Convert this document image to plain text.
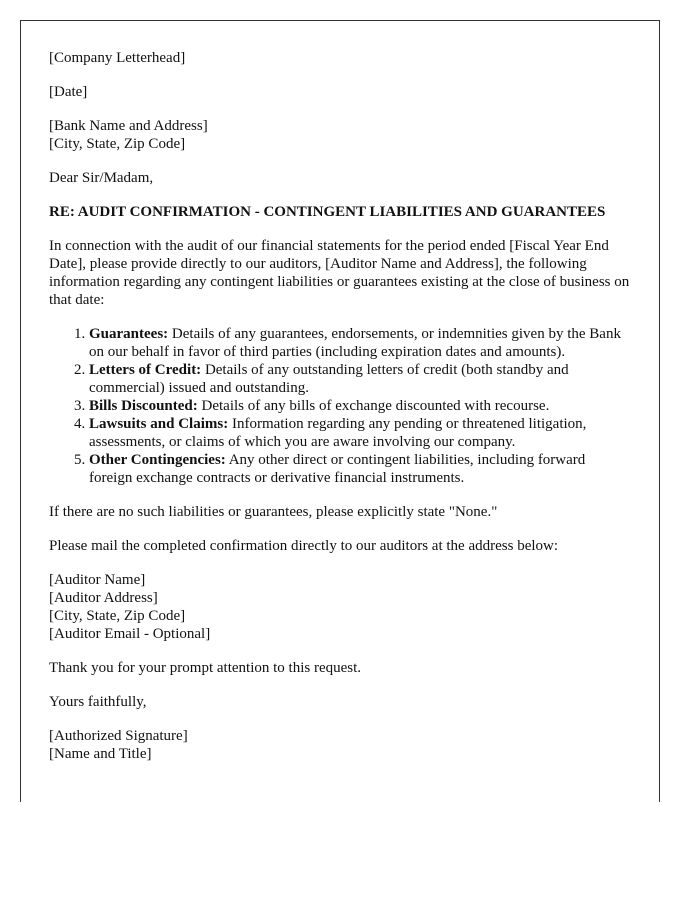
[Company Letterhead]

[Date]

[Bank Name and Address]
[City, State, Zip Code]

Dear Sir/Madam,

RE: AUDIT CONFIRMATION - CONTINGENT LIABILITIES AND GUARANTEES

In connection with the audit of our financial statements for the period ended [Fiscal Year End Date], please provide directly to our auditors, [Auditor Name and Address], the following information regarding any contingent liabilities or guarantees existing at the close of business on that date:

1. Guarantees: Details of any guarantees, endorsements, or indemnities given by the Bank on our behalf in favor of third parties (including expiration dates and amounts).
2. Letters of Credit: Details of any outstanding letters of credit (both standby and commercial) issued and outstanding.
3. Bills Discounted: Details of any bills of exchange discounted with recourse.
4. Lawsuits and Claims: Information regarding any pending or threatened litigation, assessments, or claims of which you are aware involving our company.
5. Other Contingencies: Any other direct or contingent liabilities, including forward foreign exchange contracts or derivative financial instruments.

If there are no such liabilities or guarantees, please explicitly state "None."

Please mail the completed confirmation directly to our auditors at the address below:

[Auditor Name]
[Auditor Address]
[City, State, Zip Code]
[Auditor Email - Optional]

Thank you for your prompt attention to this request.

Yours faithfully,

[Authorized Signature]
[Name and Title]
